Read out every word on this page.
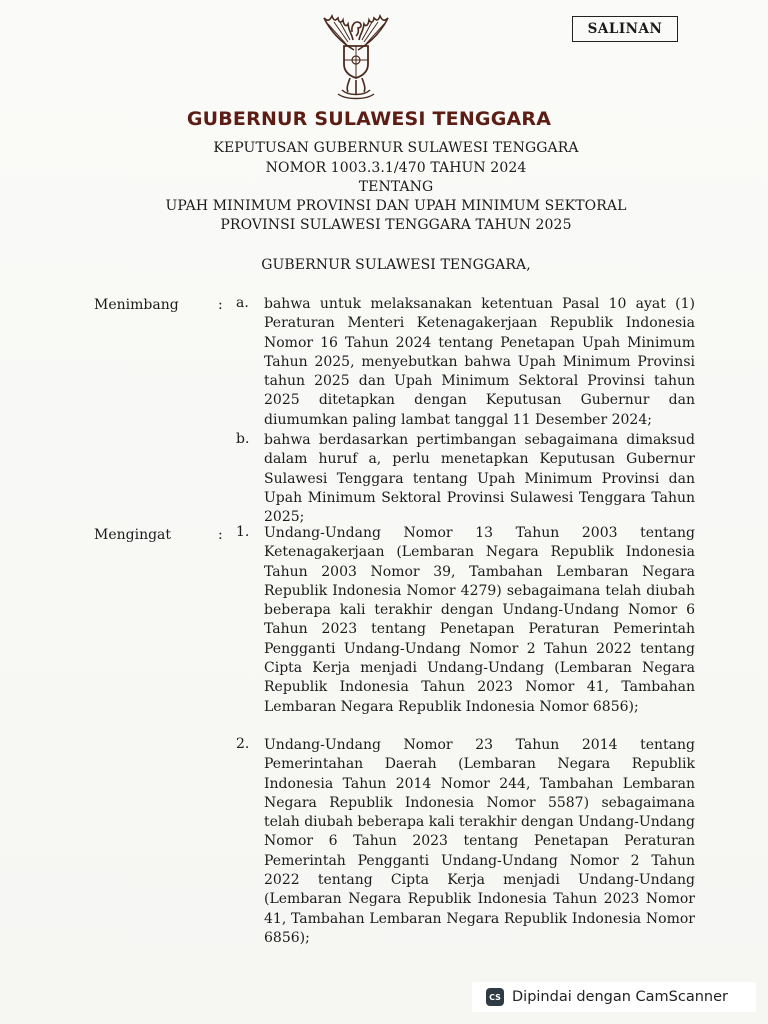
SALINAN
GUBERNUR SULAWESI TENGGARA
KEPUTUSAN GUBERNUR SULAWESI TENGGARA
NOMOR 1003.3.1/470 TAHUN 2024
TENTANG
UPAH MINIMUM PROVINSI DAN UPAH MINIMUM SEKTORAL
PROVINSI SULAWESI TENGGARA TAHUN 2025
GUBERNUR SULAWESI TENGGARA,
Menimbang	: a. bahwa untuk melaksanakan ketentuan Pasal 10 ayat (1) Peraturan Menteri Ketenagakerjaan Republik Indonesia Nomor 16 Tahun 2024 tentang Penetapan Upah Minimum Tahun 2025, menyebutkan bahwa Upah Minimum Provinsi tahun 2025 dan Upah Minimum Sektoral Provinsi tahun 2025 ditetapkan dengan Keputusan Gubernur dan diumumkan paling lambat tanggal 11 Desember 2024;

b. bahwa berdasarkan pertimbangan sebagaimana dimaksud dalam huruf a, perlu menetapkan Keputusan Gubernur Sulawesi Tenggara tentang Upah Minimum Provinsi dan Upah Minimum Sektoral Provinsi Sulawesi Tenggara Tahun 2025;

Mengingat	: 1. Undang-Undang Nomor 13 Tahun 2003 tentang Ketenagakerjaan (Lembaran Negara Republik Indonesia Tahun 2003 Nomor 39, Tambahan Lembaran Negara Republik Indonesia Nomor 4279) sebagaimana telah diubah beberapa kali terakhir dengan Undang-Undang Nomor 6 Tahun 2023 tentang Penetapan Peraturan Pemerintah Pengganti Undang-Undang Nomor 2 Tahun 2022 tentang Cipta Kerja menjadi Undang-Undang (Lembaran Negara Republik Indonesia Tahun 2023 Nomor 41, Tambahan Lembaran Negara Republik Indonesia Nomor 6856);

2. Undang-Undang Nomor 23 Tahun 2014 tentang Pemerintahan Daerah (Lembaran Negara Republik Indonesia Tahun 2014 Nomor 244, Tambahan Lembaran Negara Republik Indonesia Nomor 5587) sebagaimana telah diubah beberapa kali terakhir dengan Undang-Undang Nomor 6 Tahun 2023 tentang Penetapan Peraturan Pemerintah Pengganti Undang-Undang Nomor 2 Tahun 2022 tentang Cipta Kerja menjadi Undang-Undang (Lembaran Negara Republik Indonesia Tahun 2023 Nomor 41, Tambahan Lembaran Negara Republik Indonesia Nomor 6856);

CS Dipindai dengan CamScanner
